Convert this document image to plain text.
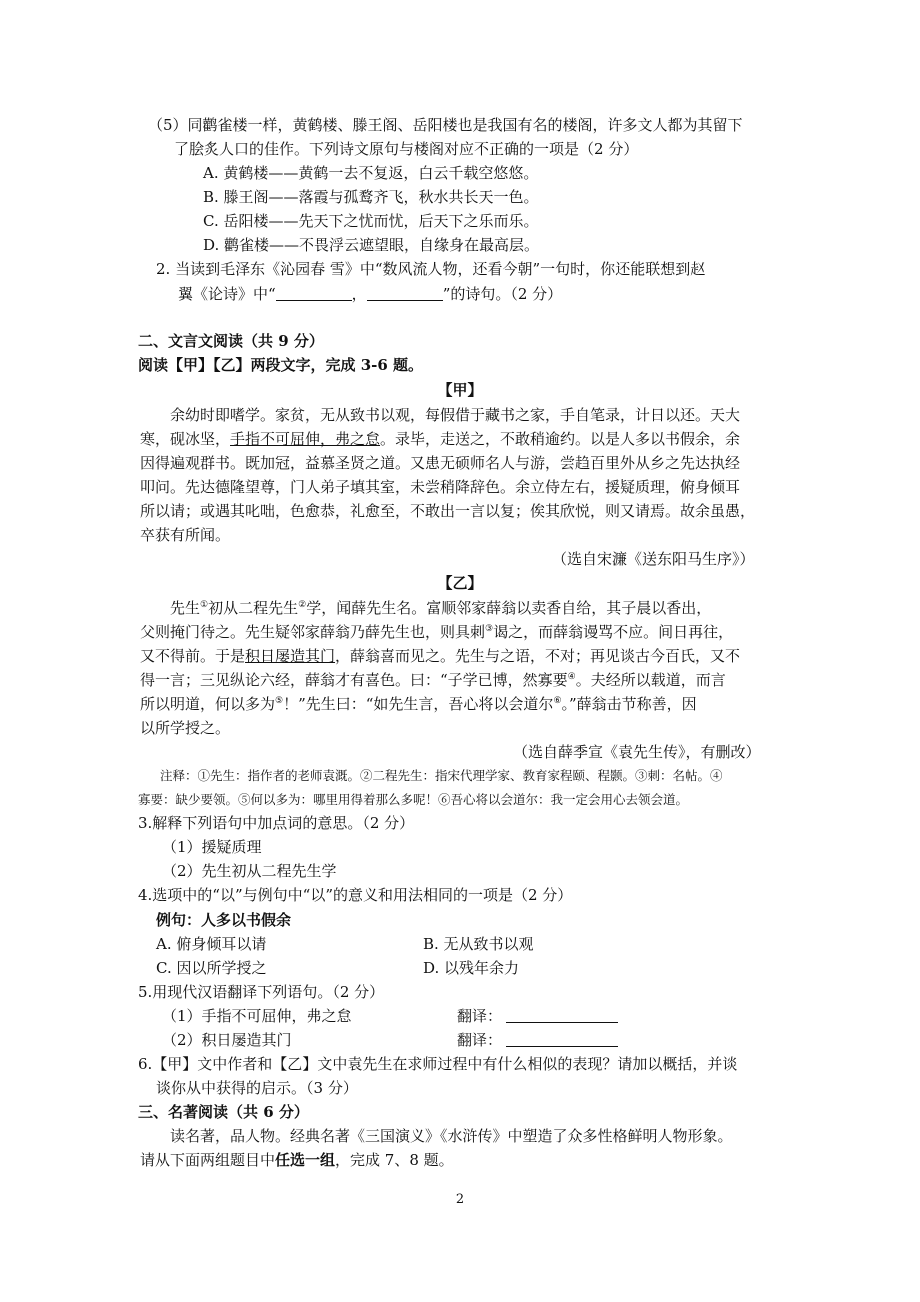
（5）同鹳雀楼一样，黄鹤楼、滕王阁、岳阳楼也是我国有名的楼阁，许多文人都为其留下
了脍炙人口的佳作。下列诗文原句与楼阁对应不正确的一项是（2 分）
A. 黄鹤楼——黄鹤一去不复返，白云千载空悠悠。
B. 滕王阁——落霞与孤鹜齐飞，秋水共长天一色。
C. 岳阳楼——先天下之忧而忧，后天下之乐而乐。
D. 鹳雀楼——不畏浮云遮望眼，自缘身在最高层。
2. 当读到毛泽东《沁园春 雪》中“数风流人物，还看今朝”一句时，你还能联想到赵
翼《论诗》中“	，	”的诗句。（2 分）
二、文言文阅读（共 9 分）
阅读【甲】【乙】两段文字，完成 3-6 题。
【甲】
余幼时即嗜学。家贫，无从致书以观，每假借于藏书之家，手自笔录，计日以还。天大
寒，砚冰坚，手指不可屈伸，弗之怠。录毕，走送之，不敢稍逾约。以是人多以书假余，余
因得遍观群书。既加冠，益慕圣贤之道。又患无硕师名人与游，尝趋百里外从乡之先达执经
叩问。先达德隆望尊，门人弟子填其室，未尝稍降辞色。余立侍左右，援疑质理，俯身倾耳
所以请；或遇其叱咄，色愈恭，礼愈至，不敢出一言以复；俟其欣悦，则又请焉。故余虽愚，
卒获有所闻。
（选自宋濂《送东阳马生序》）
【乙】
先生①初从二程先生②学，闻薛先生名。富顺邻家薛翁以卖香自给，其子晨以香出，
父则掩门待之。先生疑邻家薛翁乃薛先生也，则具刺③谒之，而薛翁谩骂不应。间日再往，
又不得前。于是积日屡造其门，薛翁喜而见之。先生与之语，不对；再见谈古今百氏，又不
得一言；三见纵论六经，薛翁才有喜色。曰：“子学已博，然寡要④。夫经所以载道，而言
所以明道，何以多为⑤！”先生曰：“如先生言，吾心将以会道尔⑥。”薛翁击节称善，因
以所学授之。
（选自薛季宣《袁先生传》，有删改）
注释：①先生：指作者的老师袁溉。②二程先生：指宋代理学家、教育家程颐、程颢。③刺：名帖。④
寡要：缺少要领。⑤何以多为：哪里用得着那么多呢！⑥吾心将以会道尔：我一定会用心去领会道。
3.解释下列语句中加点词的意思。（2 分）
（1）援疑质理
（2）先生初从二程先生学
4.选项中的“以”与例句中“以”的意义和用法相同的一项是（2 分）
例句：人多以书假余
A. 俯身倾耳以请	B. 无从致书以观
C. 因以所学授之	D. 以残年余力
5.用现代汉语翻译下列语句。（2 分）
（1）手指不可屈伸，弗之怠	翻译：
（2）积日屡造其门	翻译：
6.【甲】文中作者和【乙】文中袁先生在求师过程中有什么相似的表现？请加以概括，并谈
谈你从中获得的启示。（3 分）
三、名著阅读（共 6 分）
读名著，品人物。经典名著《三国演义》《水浒传》中塑造了众多性格鲜明人物形象。
请从下面两组题目中任选一组，完成 7、8 题。
2
